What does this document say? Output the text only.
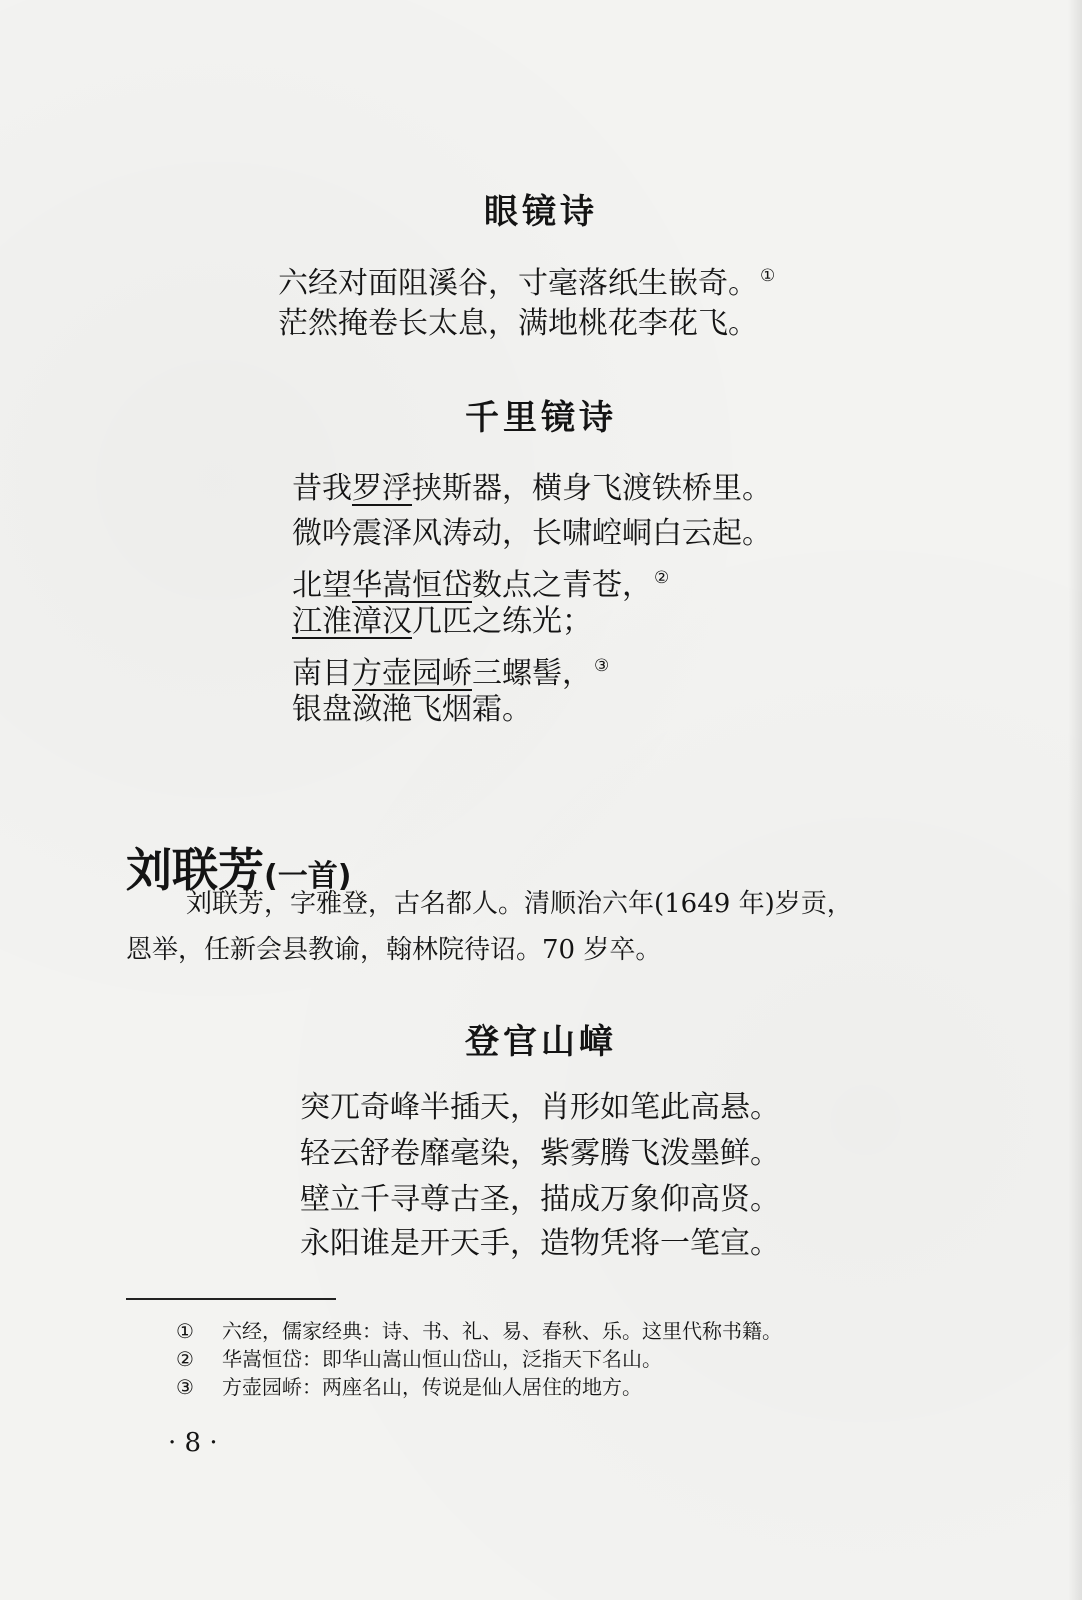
眼镜诗
六经对面阻溪谷，寸毫落纸生嵌奇。 ①
茫然掩卷长太息，满地桃花李花飞。
千里镜诗
昔我罗浮挟斯器，横身飞渡铁桥里。
微吟震泽风涛动，长啸崆峒白云起。
北望华嵩恒岱数点之青苍， ②
江淮漳汉几匹之练光；
南目方壶园峤三螺髻， ③
银盘潋滟飞烟霜。
刘联芳(一首)
刘联芳，字雅登，古名都人。清顺治六年(1649 年)岁贡，
恩举，任新会县教谕，翰林院待诏。70 岁卒。
登官山嶂
突兀奇峰半插天，肖形如笔此高悬。
轻云舒卷靡毫染，紫雾腾飞泼墨鲜。
壁立千寻尊古圣，描成万象仰高贤。
永阳谁是开天手，造物凭将一笔宣。
① 六经，儒家经典：诗、书、礼、易、春秋、乐。这里代称书籍。
② 华嵩恒岱：即华山嵩山恒山岱山，泛指天下名山。
③ 方壶园峤：两座名山，传说是仙人居住的地方。
· 8 ·
